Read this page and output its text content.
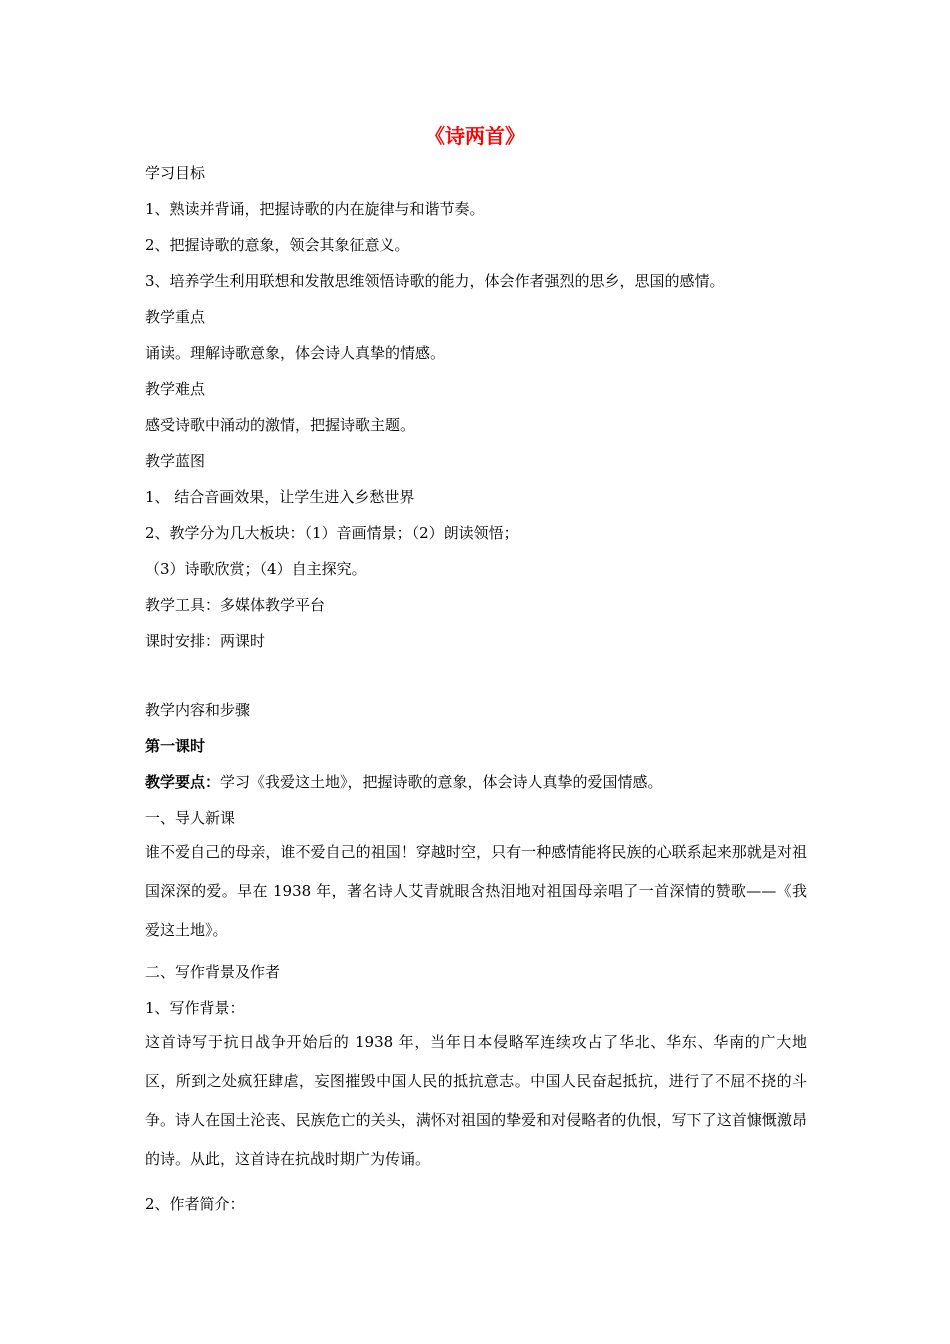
《诗两首》
学习目标
1、熟读并背诵，把握诗歌的内在旋律与和谐节奏。
2、把握诗歌的意象，领会其象征意义。
3、培养学生利用联想和发散思维领悟诗歌的能力，体会作者强烈的思乡，思国的感情。
教学重点
诵读。理解诗歌意象，体会诗人真挚的情感。
教学难点
感受诗歌中涌动的激情，把握诗歌主题。
教学蓝图
1、 结合音画效果，让学生进入乡愁世界
2、教学分为几大板块：（1）音画情景；（2）朗读领悟；
（3）诗歌欣赏；（4）自主探究。
教学工具：多媒体教学平台
课时安排：两课时
教学内容和步骤
第一课时
教学要点：学习《我爱这土地》，把握诗歌的意象，体会诗人真挚的爱国情感。
一、导人新课
谁不爱自己的母亲，谁不爱自己的祖国！穿越时空，只有一种感情能将民族的心联系起来那就是对祖国深深的爱。早在 1938 年，著名诗人艾青就眼含热泪地对祖国母亲唱了一首深情的赞歌——《我爱这土地》。
二、写作背景及作者
1、写作背景：
这首诗写于抗日战争开始后的 1938 年，当年日本侵略军连续攻占了华北、华东、华南的广大地区，所到之处疯狂肆虐，妄图摧毁中国人民的抵抗意志。中国人民奋起抵抗，进行了不屈不挠的斗争。诗人在国土沦丧、民族危亡的关头，满怀对祖国的挚爱和对侵略者的仇恨，写下了这首慷慨激昂的诗。从此，这首诗在抗战时期广为传诵。
2、作者简介：
